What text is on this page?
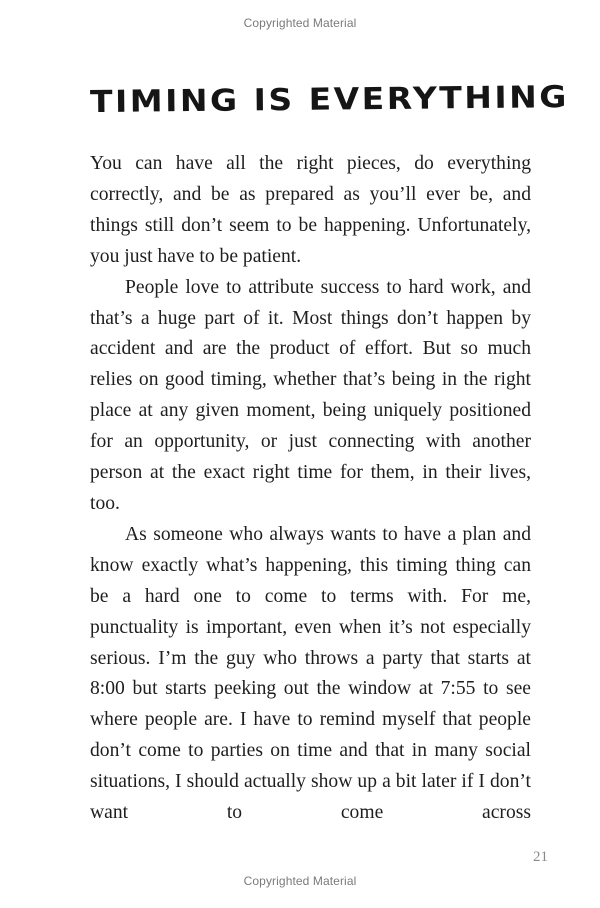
Copyrighted Material
TIMING IS EVERYTHING

You can have all the right pieces, do everything correctly, and be as prepared as you’ll ever be, and things still don’t seem to be happening. Unfortunately, you just have to be patient.

People love to attribute success to hard work, and that’s a huge part of it. Most things don’t happen by accident and are the product of effort. But so much relies on good timing, whether that’s being in the right place at any given moment, being uniquely positioned for an opportunity, or just connecting with another person at the exact right time for them, in their lives, too.

As someone who always wants to have a plan and know exactly what’s happening, this timing thing can be a hard one to come to terms with. For me, punctuality is important, even when it’s not especially serious. I’m the guy who throws a party that starts at 8:00 but starts peeking out the window at 7:55 to see where people are. I have to remind myself that people don’t come to parties on time and that in many social situations, I should actually show up a bit later if I don’t want to come across

21
Copyrighted Material
